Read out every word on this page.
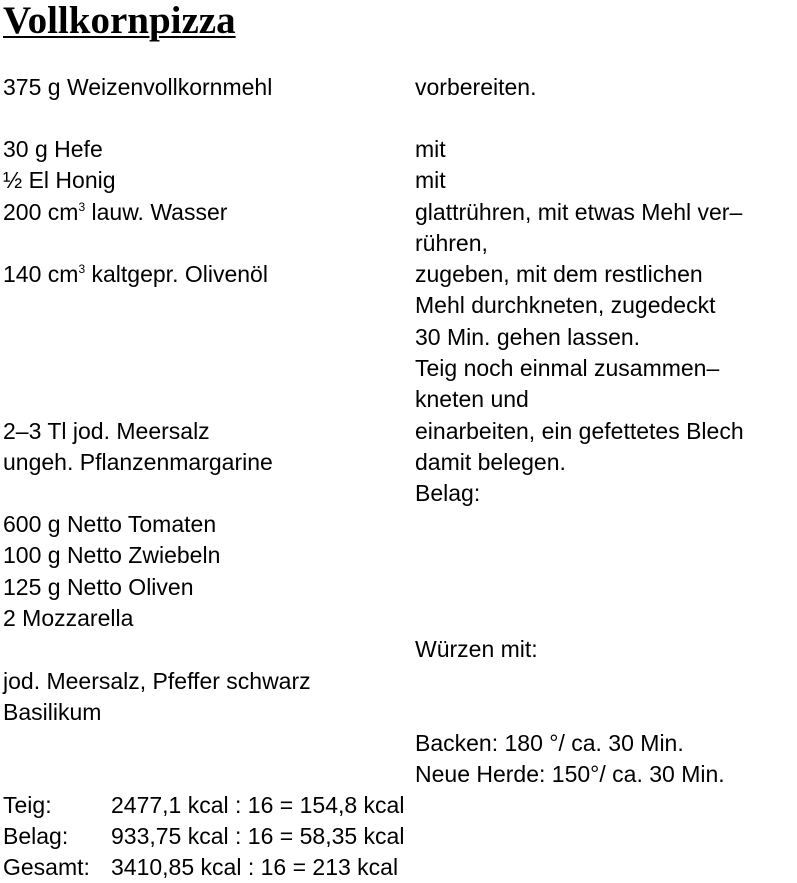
Vollkornpizza
375 g Weizenvollkornmehl
30 g Hefe
½ El Honig
200 $cm^3$ lauw. Wasser
140 $cm^3$ kaltgepr. Olivenöl
2–3 Tl jod. Meersalz
ungeh. Pflanzenmargarine
600 g Netto Tomaten
100 g Netto Zwiebeln
125 g Netto Oliven
2 Mozzarella
jod. Meersalz, Pfeffer schwarz
Basilikum
vorbereiten.
mit
mit
glattrühren, mit etwas Mehl ver–
rühren,
zugeben, mit dem restlichen
Mehl durchkneten, zugedeckt
30 Min. gehen lassen.
Teig noch einmal zusammen–
kneten und
einarbeiten, ein gefettetes Blech
damit belegen.
Belag:
Würzen mit:
Backen: 180 °/ ca. 30 Min.
Neue Herde: 150°/ ca. 30 Min.
Teig:	2477,1 kcal : 16 = 154,8 kcal
Belag: 933,75 kcal : 16 = 58,35 kcal
Gesamt: 3410,85 kcal : 16 = 213 kcal
